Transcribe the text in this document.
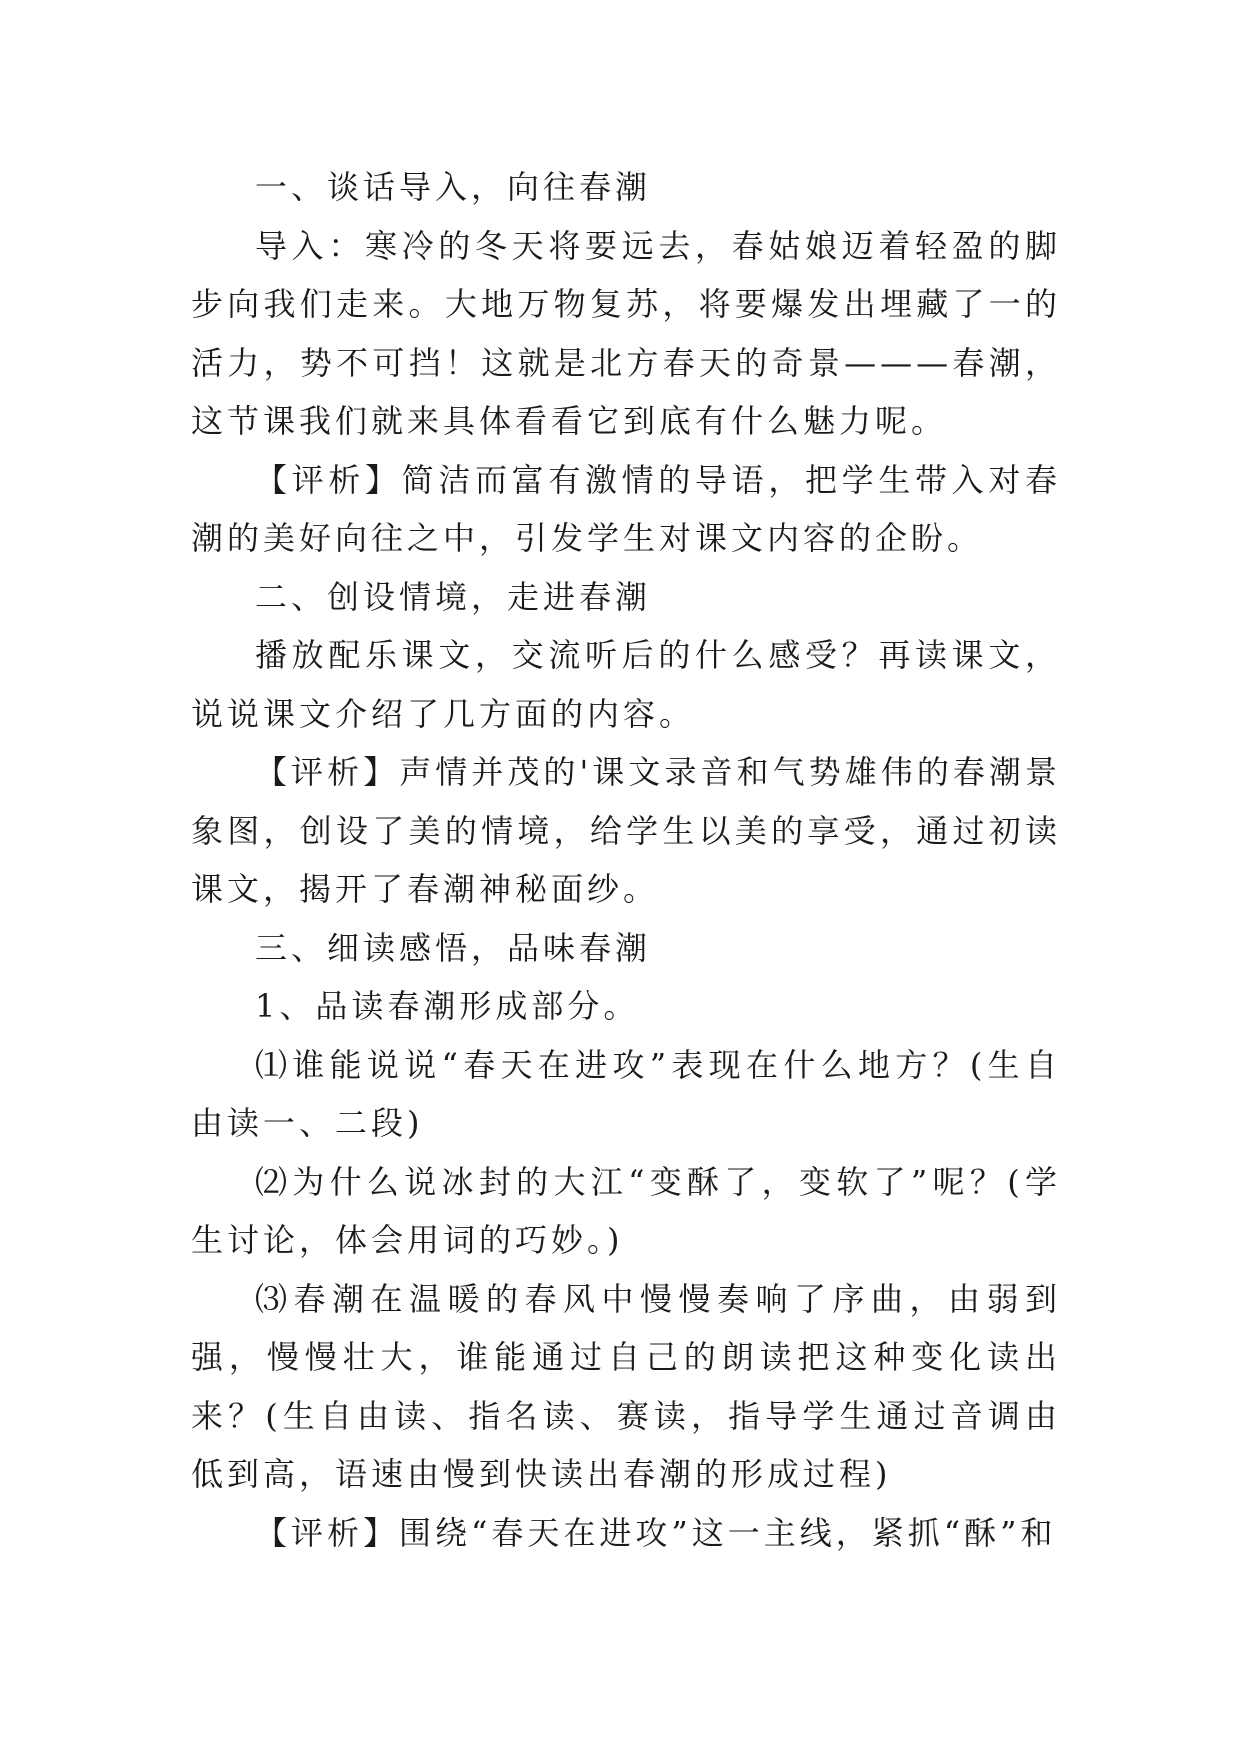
一、谈话导入，向往春潮

导入：寒冷的冬天将要远去，春姑娘迈着轻盈的脚步向我们走来。大地万物复苏，将要爆发出埋藏了一的活力，势不可挡！这就是北方春天的奇景———春潮，这节课我们就来具体看看它到底有什么魅力呢。

【评析】简洁而富有激情的导语，把学生带入对春潮的美好向往之中，引发学生对课文内容的企盼。

二、创设情境，走进春潮

播放配乐课文，交流听后的什么感受？再读课文，说说课文介绍了几方面的内容。

【评析】声情并茂的'课文录音和气势雄伟的春潮景象图，创设了美的情境，给学生以美的享受，通过初读课文，揭开了春潮神秘面纱。

三、细读感悟，品味春潮

1、品读春潮形成部分。

⑴谁能说说“春天在进攻”表现在什么地方？(生自由读一、二段)

⑵为什么说冰封的大江“变酥了，变软了”呢？(学生讨论，体会用词的巧妙。)

⑶春潮在温暖的春风中慢慢奏响了序曲，由弱到强，慢慢壮大，谁能通过自己的朗读把这种变化读出来？(生自由读、指名读、赛读，指导学生通过音调由低到高，语速由慢到快读出春潮的形成过程)

【评析】围绕“春天在进攻”这一主线，紧抓“酥”和
